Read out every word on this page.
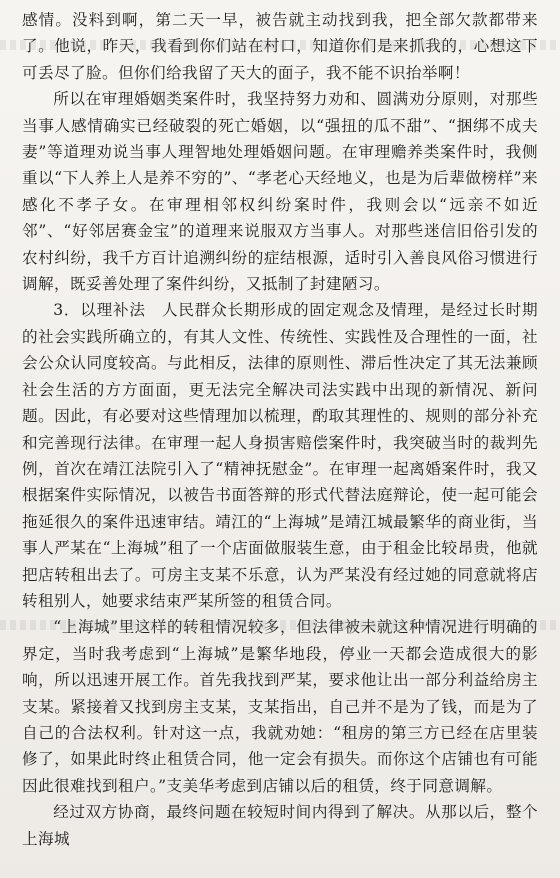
感情。没料到啊，第二天一早，被告就主动找到我，把全部欠款都带来了。他说，昨天，我看到你们站在村口，知道你们是来抓我的，心想这下可丢尽了脸。但你们给我留了天大的面子，我不能不识抬举啊！

所以在审理婚姻类案件时，我坚持努力劝和、圆满劝分原则，对那些当事人感情确实已经破裂的死亡婚姻，以“强扭的瓜不甜”、“捆绑不成夫妻”等道理劝说当事人理智地处理婚姻问题。在审理赡养类案件时，我侧重以“下人养上人是养不穷的”、“孝老心天经地义，也是为后辈做榜样”来感化不孝子女。在审理相邻权纠纷案时件，我则会以“远亲不如近邻”、“好邻居赛金宝”的道理来说服双方当事人。对那些迷信旧俗引发的农村纠纷，我千方百计追溯纠纷的症结根源，适时引入善良风俗习惯进行调解，既妥善处理了案件纠纷，又抵制了封建陋习。

3．以理补法　人民群众长期形成的固定观念及情理，是经过长时期的社会实践所确立的，有其人文性、传统性、实践性及合理性的一面，社会公众认同度较高。与此相反，法律的原则性、滞后性决定了其无法兼顾社会生活的方方面面，更无法完全解决司法实践中出现的新情况、新问题。因此，有必要对这些情理加以梳理，酌取其理性的、规则的部分补充和完善现行法律。在审理一起人身损害赔偿案件时，我突破当时的裁判先例，首次在靖江法院引入了“精神抚慰金”。在审理一起离婚案件时，我又根据案件实际情况，以被告书面答辩的形式代替法庭辩论，使一起可能会拖延很久的案件迅速审结。靖江的“上海城”是靖江城最繁华的商业街，当事人严某在“上海城”租了一个店面做服装生意，由于租金比较昂贵，他就把店转租出去了。可房主支某不乐意，认为严某没有经过她的同意就将店转租别人，她要求结束严某所签的租赁合同。

“上海城”里这样的转租情况较多，但法律被未就这种情况进行明确的界定，当时我考虑到“上海城”是繁华地段，停业一天都会造成很大的影响，所以迅速开展工作。首先我找到严某，要求他让出一部分利益给房主支某。紧接着又找到房主支某，支某指出，自己并不是为了钱，而是为了自己的合法权利。针对这一点，我就劝她：“租房的第三方已经在店里装修了，如果此时终止租赁合同，他一定会有损失。而你这个店铺也有可能因此很难找到租户。”支美华考虑到店铺以后的租赁，终于同意调解。

经过双方协商，最终问题在较短时间内得到了解决。从那以后，整个上海城
